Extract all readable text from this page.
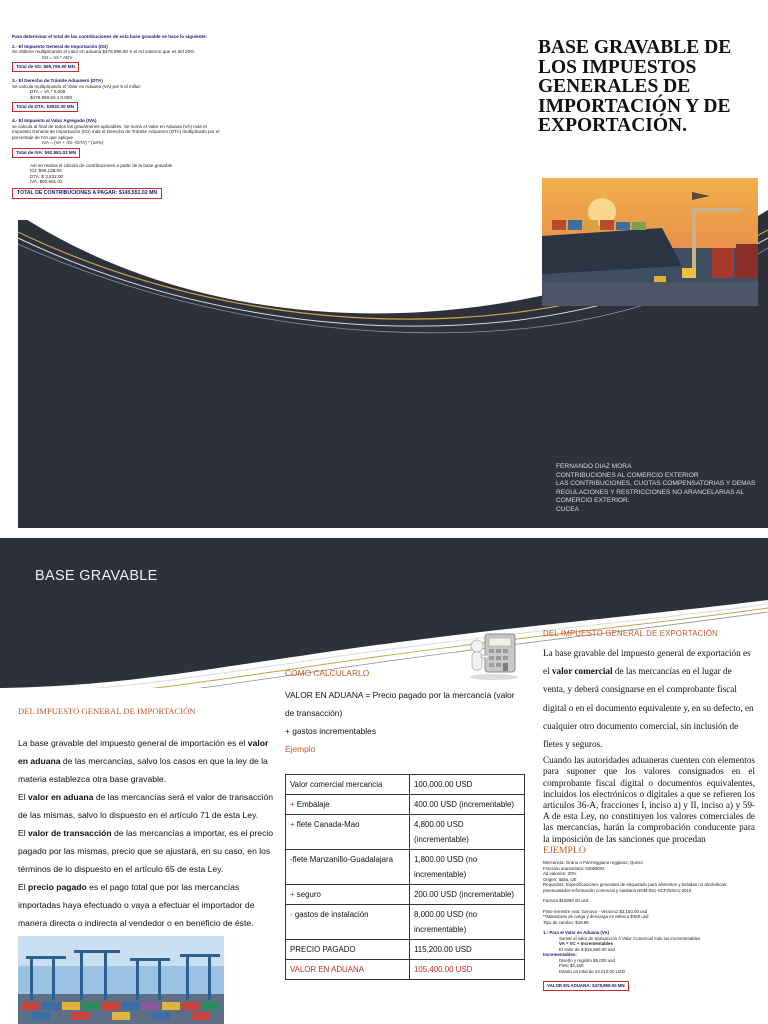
Para determinar el total de las contribuciones de esta base gravable se hace lo siguiente:
2.- El Impuesto General de Importación (IGI)
Se obtiene multiplicando el valor en aduana $478,999.50 X el Ad valorem que es del 20%
IGI = VA * ADV
Total de IGI: $95,799.90 MN
3.- El Derecho de Trámite Aduanero (DTA)
Se calcula multiplicando el Valor en Aduana (VA) por 8 al millar:
DTA = VA * 0.008
$478,999.50 x 0.008
Total de DTA: $3832.00 MN
4.- El Impuesto al Valor Agregado (IVA)
se calcula al final de todos los gravámenes aplicables. Se suma el Valor en Aduana (VA) más el Impuesto General de Importación (IGI) más el Derecho de Trámite Aduanero (DTA) multiplicado por el porcentaje de IVA que aplique.
IVA = (VA + IGI +DTA) * (16%)
Total de IVA: $92,581.02 MN
Así se realiza el cálculo de contribuciones a partir de la base gravable
IGI: $95,138.00
DTA: $ 3,832.00
IVA: $92,581.02
TOTAL DE CONTRIBUCIONES A PAGAR: $145,551.02 MN
BASE GRAVABLE DE LOS IMPUESTOS GENERALES DE IMPORTACIÓN Y DE EXPORTACIÓN.
FERNANDO DIAZ MORA
CONTRIBUCIONES AL COMERCIO EXTERIOR
LAS CONTRIBUCIONES, CUOTAS COMPENSATORIAS Y DEMAS REGULACIONES Y RESTRICCIONES NO ARANCELARIAS AL COMERCIO EXTERIOR.
CUCEA
BASE GRAVABLE
DEL IMPUESTO GENERAL DE IMPORTACIÓN

La base gravable del impuesto general de importación es el valor en aduana de las mercancías, salvo los casos en que la ley de la materia establezca otra base gravable.

El valor en aduana de las mercancías será el valor de transacción de las mismas, salvo lo dispuesto en el artículo 71 de esta Ley.

El valor de transacción de las mercancías a importar, es el precio pagado por las mismas, precio que se ajustará, en su caso, en los términos de lo dispuesto en el artículo 65 de esta Ley.

El precio pagado es el pago total que por las mercancías importadas haya efectuado o vaya a efectuar el importador de manera directa o indirecta al vendedor o en beneficio de éste.

COMO CALCULARLO
VALOR EN ADUANA = Precio pagado por la mercancía (valor de transacción)
+ gastos incrementables
Ejemplo
Valor comercial mercancia	100,000.00 USD
+ Embalaje	400.00 USD (incrementable)
+ flete Canada-Mao	4,800.00 USD (incrementable)
-flete Manzanillo-Guadalajara	1,800.00 USD (no incrementable)
+ seguro	200.00 USD (incrementable)
- gastos de instalación	8,000.00 USD (no incrementable)
PRECIO PAGADO	115,200.00 USD
VALOR EN ADUANA	105,400.00 USD
DEL IMPUESTO GENERAL DE EXPORTACIÓN

La base gravable del impuesto general de exportación es el valor comercial de las mercancías en el lugar de venta, y deberá consignarse en el comprobante fiscal digital o en el documento equivalente y, en su defecto, en cualquier otro documento comercial, sin inclusión de fletes y seguros.

Cuando las autoridades aduaneras cuenten con elementos para suponer que los valores consignados en el comprobante fiscal digital o documentos equivalentes, incluidos los electrónicos o digitales a que se refieren los artículos 36-A, fracciones I, inciso a) y II, inciso a) y 59-A de esta Ley, no constituyen los valores comerciales de las mercancías, harán la comprobación conducente para la imposición de las sanciones que procedan

EJEMPLO
Mercancía: Grano o Parmeggiano reggiano; Queso
Fracción arancelaria: 04069004
Ad valorem: 20%
Origen: Italia, UE
Requisitos: Especificaciones generales de etiquetado para alimentos y bebidas no alcohólicas preenvasados-información comercial y sanitaria NOM-051-SCFI/SSA1-2010
Factura $15860.00 usd
Flete terrestre ruta: Genova - Veracruz $3,150.00 usd
**Maniobras de carga y descarga en México $350 usd
Tipo de cambio: $19.95
1.- Para el Valor en Aduana (VA)
Sumar el valor de transacción ó Valor Comercial más los incrementables
VA = VC + Incrementables
El valor de $ $15,860.00 usd
Incrementables:
Diseño y registro $5,000 usd
Flete $3,150
Dando un total de 24,010.00 USD
VALOR EN ADUANA: $478,999.50 MN
